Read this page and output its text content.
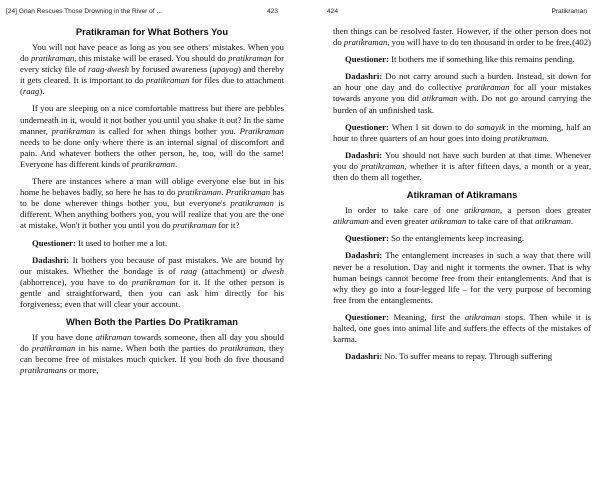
[24] Gnan Rescues Those Drowning in the River of ...	423
Pratikraman for What Bothers You

You will not have peace as long as you see others' mistakes. When you do pratikraman, this mistake will be erased. You should do pratikraman for every sticky file of raag-dwesh by focused awareness (upayog) and thereby it gets cleared. It is important to do pratikraman for files due to attachment (raag).

If you are sleeping on a nice comfortable mattress but there are pebbles underneath in it, would it not bother you until you shake it out? In the same manner, pratikraman is called for when things bother you. Pratikraman needs to be done only where there is an internal signal of discomfort and pain. And whatever bothers the other person, he, too, will do the same! Everyone has different kinds of pratikraman.

There are instances where a man will oblige everyone else but in his home he behaves badly, so here he has to do pratikraman. Pratikraman has to be done wherever things bother you, but everyone's pratikraman is different. When anything bothers you, you will realize that you are the one at mistake. Won't it bother you until you do pratikraman for it?

Questioner: It used to bother me a lot.

Dadashri: It bothers you because of past mistakes. We are bound by our mistakes. Whether the bondage is of raag (attachment) or dwesh (abhorrence), you have to do pratikraman for it. If the other person is gentle and straightforward, then you can ask him directly for his forgiveness; even that will clear your account.

When Both the Parties Do Pratikraman

If you have done atikraman towards someone, then all day you should do pratikraman in his name. When both the parties do pratikraman, they can become free of mistakes much quicker. If you both do five thousand pratikramans or more,

424	Pratikraman

then things can be resolved faster. However, if the other person does not do pratikraman, you will have to do ten thousand in order to be free. (402)

Questioner: It bothers me if something like this remains pending.

Dadashri: Do not carry around such a burden. Instead, sit down for an hour one day and do collective pratikraman for all your mistakes towards anyone you did atikraman with. Do not go around carrying the burden of an unfinished task.

Questioner: When I sit down to do samayik in the morning, half an hour to three quarters of an hour goes into doing pratikraman.

Dadashri: You should not have such burden at that time. Whenever you do pratikraman, whether it is after fifteen days, a month or a year, then do them all together.

Atikraman of Atikramans

In order to take care of one atikraman, a person does greater atikraman and even greater atikraman to take care of that atikraman.

Questioner: So the entanglements keep increasing.

Dadashri: The entanglement increases in such a way that there will never be a resolution. Day and night it torments the owner. That is why human beings cannot become free from their entanglements. And that is why they go into a four-legged life – for the very purpose of becoming free from the entanglements.

Questioner: Meaning, first the atikraman stops. Then while it is halted, one goes into animal life and suffers the effects of the mistakes of karma.

Dadashri: No. To suffer means to repay. Through suffering
